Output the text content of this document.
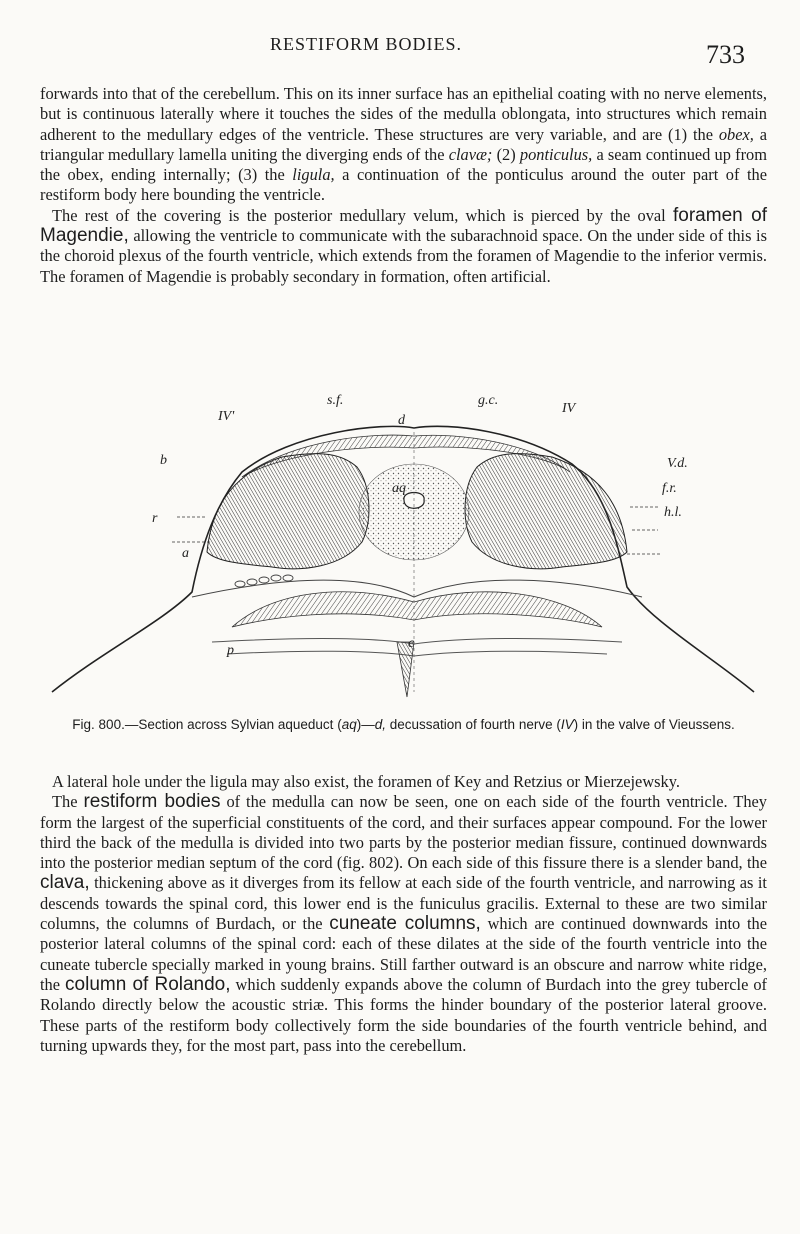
RESTIFORM BODIES.	733

forwards into that of the cerebellum. This on its inner surface has an epithelial coating with no nerve elements, but is continuous laterally where it touches the sides of the medulla oblongata, into structures which remain adherent to the medullary edges of the ventricle. These structures are very variable, and are (1) the obex, a triangular medullary lamella uniting the diverging ends of the clavæ; (2) ponticulus, a seam continued up from the obex, ending internally; (3) the ligula, a continuation of the ponticulus around the outer part of the restiform body here bounding the ventricle.

The rest of the covering is the posterior medullary velum, which is pierced by the oval foramen of Magendie, allowing the ventricle to communicate with the subarachnoid space. On the under side of this is the choroid plexus of the fourth ventricle, which extends from the foramen of Magendie to the inferior vermis. The foramen of Magendie is probably secondary in formation, often artificial.

s.f.
d
g.c.
IV'
IV
b
aq
r
a
p	c
V.d.
f.r.
h.l.
Fig. 800.—Section across Sylvian aqueduct (aq)—d, decussation of fourth nerve (IV) in the valve of Vieussens.

A lateral hole under the ligula may also exist, the foramen of Key and Retzius or Mierzejewsky.

The restiform bodies of the medulla can now be seen, one on each side of the fourth ventricle. They form the largest of the superficial constituents of the cord, and their surfaces appear compound. For the lower third the back of the medulla is divided into two parts by the posterior median fissure, continued downwards into the posterior median septum of the cord (fig. 802). On each side of this fissure there is a slender band, the clava, thickening above as it diverges from its fellow at each side of the fourth ventricle, and narrowing as it descends towards the spinal cord, this lower end is the funiculus gracilis. External to these are two similar columns, the columns of Burdach, or the cuneate columns, which are continued downwards into the posterior lateral columns of the spinal cord: each of these dilates at the side of the fourth ventricle into the cuneate tubercle specially marked in young brains. Still farther outward is an obscure and narrow white ridge, the column of Rolando, which suddenly expands above the column of Burdach into the grey tubercle of Rolando directly below the acoustic striæ. This forms the hinder boundary of the posterior lateral groove. These parts of the restiform body collectively form the side boundaries of the fourth ventricle behind, and turning upwards they, for the most part, pass into the cerebellum.
